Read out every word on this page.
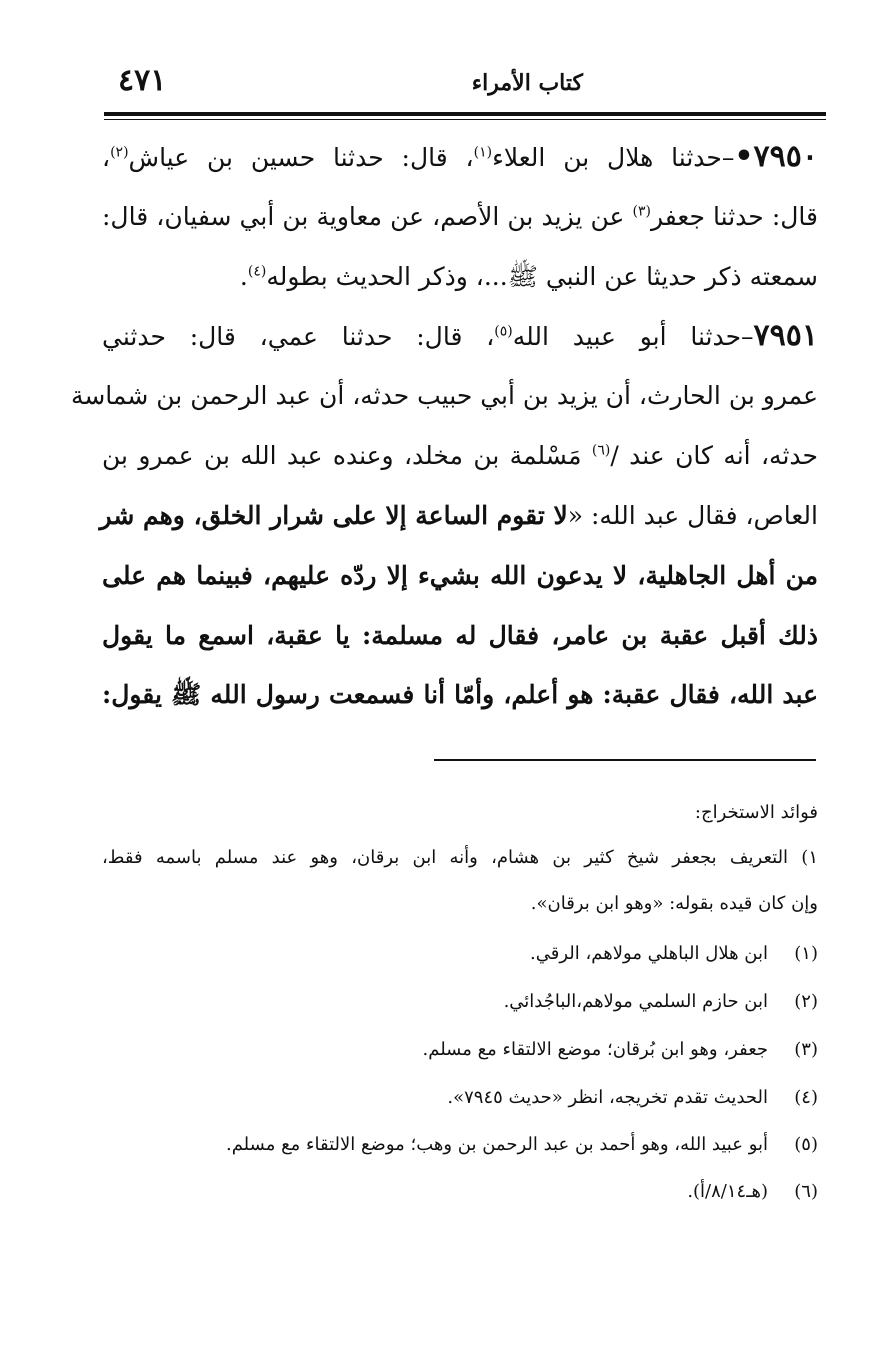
كتاب الأمراء
٤٧١
٧٩٥٠•–حدثنا هلال بن العلاء$^{(١)}$، قال: حدثنا حسين بن عياش$^{(٢)}$،
قال: حدثنا جعفر$^{(٣)}$ عن يزيد بن الأصم، عن معاوية بن أبي سفيان، قال:
سمعته ذكر حديثا عن النبي ﷺ...، وذكر الحديث بطوله$^{(٤)}$.
٧٩٥١–حدثنا أبو عبيد الله$^{(٥)}$، قال: حدثنا عمي، قال: حدثني
عمرو بن الحارث، أن يزيد بن أبي حبيب حدثه، أن عبد الرحمن بن شماسة
حدثه، أنه كان عند /$^{(٦)}$ مَسْلمة بن مخلد، وعنده عبد الله بن عمرو بن
العاص، فقال عبد الله: «لا تقوم الساعة إلا على شرار الخلق، وهم شر
من أهل الجاهلية، لا يدعون الله بشيء إلا ردّه عليهم، فبينما هم على
ذلك أقبل عقبة بن عامر، فقال له مسلمة: يا عقبة، اسمع ما يقول
عبد الله، فقال عقبة: هو أعلم، وأمّا أنا فسمعت رسول الله ﷺ يقول:
فوائد الاستخراج:
١) التعريف بجعفر شيخ كثير بن هشام، وأنه ابن برقان، وهو عند مسلم باسمه فقط،
وإن كان قيده بقوله: «وهو ابن برقان».
(١)ابن هلال الباهلي مولاهم، الرقي.
(٢)ابن حازم السلمي مولاهم،الباجُدائي.
(٣)جعفر، وهو ابن بُرقان؛ موضع الالتقاء مع مسلم.
(٤)الحديث تقدم تخريجه، انظر «حديث ٧٩٤٥».
(٥)أبو عبيد الله، وهو أحمد بن عبد الرحمن بن وهب؛ موضع الالتقاء مع مسلم.
(٦)(هـ٨/١٤/أ).
